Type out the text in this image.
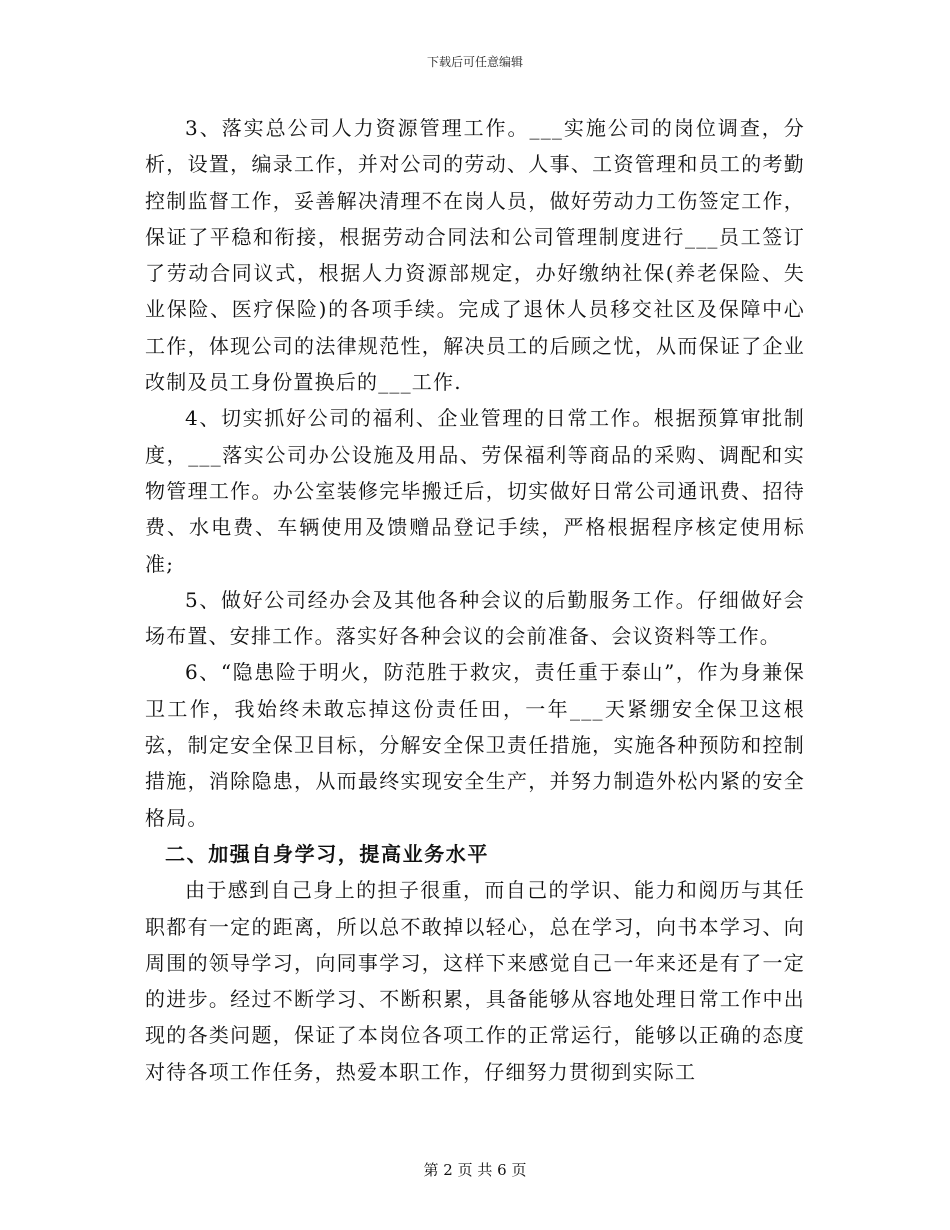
下载后可任意编辑

3、落实总公司人力资源管理工作。___实施公司的岗位调查，分析，设置，编录工作，并对公司的劳动、人事、工资管理和员工的考勤控制监督工作，妥善解决清理不在岗人员，做好劳动力工伤签定工作，保证了平稳和衔接，根据劳动合同法和公司管理制度进行___员工签订了劳动合同议式，根据人力资源部规定，办好缴纳社保(养老保险、失业保险、医疗保险)的各项手续。完成了退休人员移交社区及保障中心工作，体现公司的法律规范性，解决员工的后顾之忧，从而保证了企业改制及员工身份置换后的___工作.

4、切实抓好公司的福利、企业管理的日常工作。根据预算审批制度，___落实公司办公设施及用品、劳保福利等商品的采购、调配和实物管理工作。办公室装修完毕搬迁后，切实做好日常公司通讯费、招待费、水电费、车辆使用及馈赠品登记手续，严格根据程序核定使用标准;

5、做好公司经办会及其他各种会议的后勤服务工作。仔细做好会场布置、安排工作。落实好各种会议的会前准备、会议资料等工作。

6、“隐患险于明火，防范胜于救灾，责任重于泰山”，作为身兼保卫工作，我始终未敢忘掉这份责任田，一年___天紧绷安全保卫这根弦，制定安全保卫目标，分解安全保卫责任措施，实施各种预防和控制措施，消除隐患，从而最终实现安全生产，并努力制造外松内紧的安全格局。

二、加强自身学习，提高业务水平

由于感到自己身上的担子很重，而自己的学识、能力和阅历与其任职都有一定的距离，所以总不敢掉以轻心，总在学习，向书本学习、向周围的领导学习，向同事学习，这样下来感觉自己一年来还是有了一定的进步。经过不断学习、不断积累，具备能够从容地处理日常工作中出现的各类问题，保证了本岗位各项工作的正常运行，能够以正确的态度对待各项工作任务，热爱本职工作，仔细努力贯彻到实际工

第 2 页 共 6 页
